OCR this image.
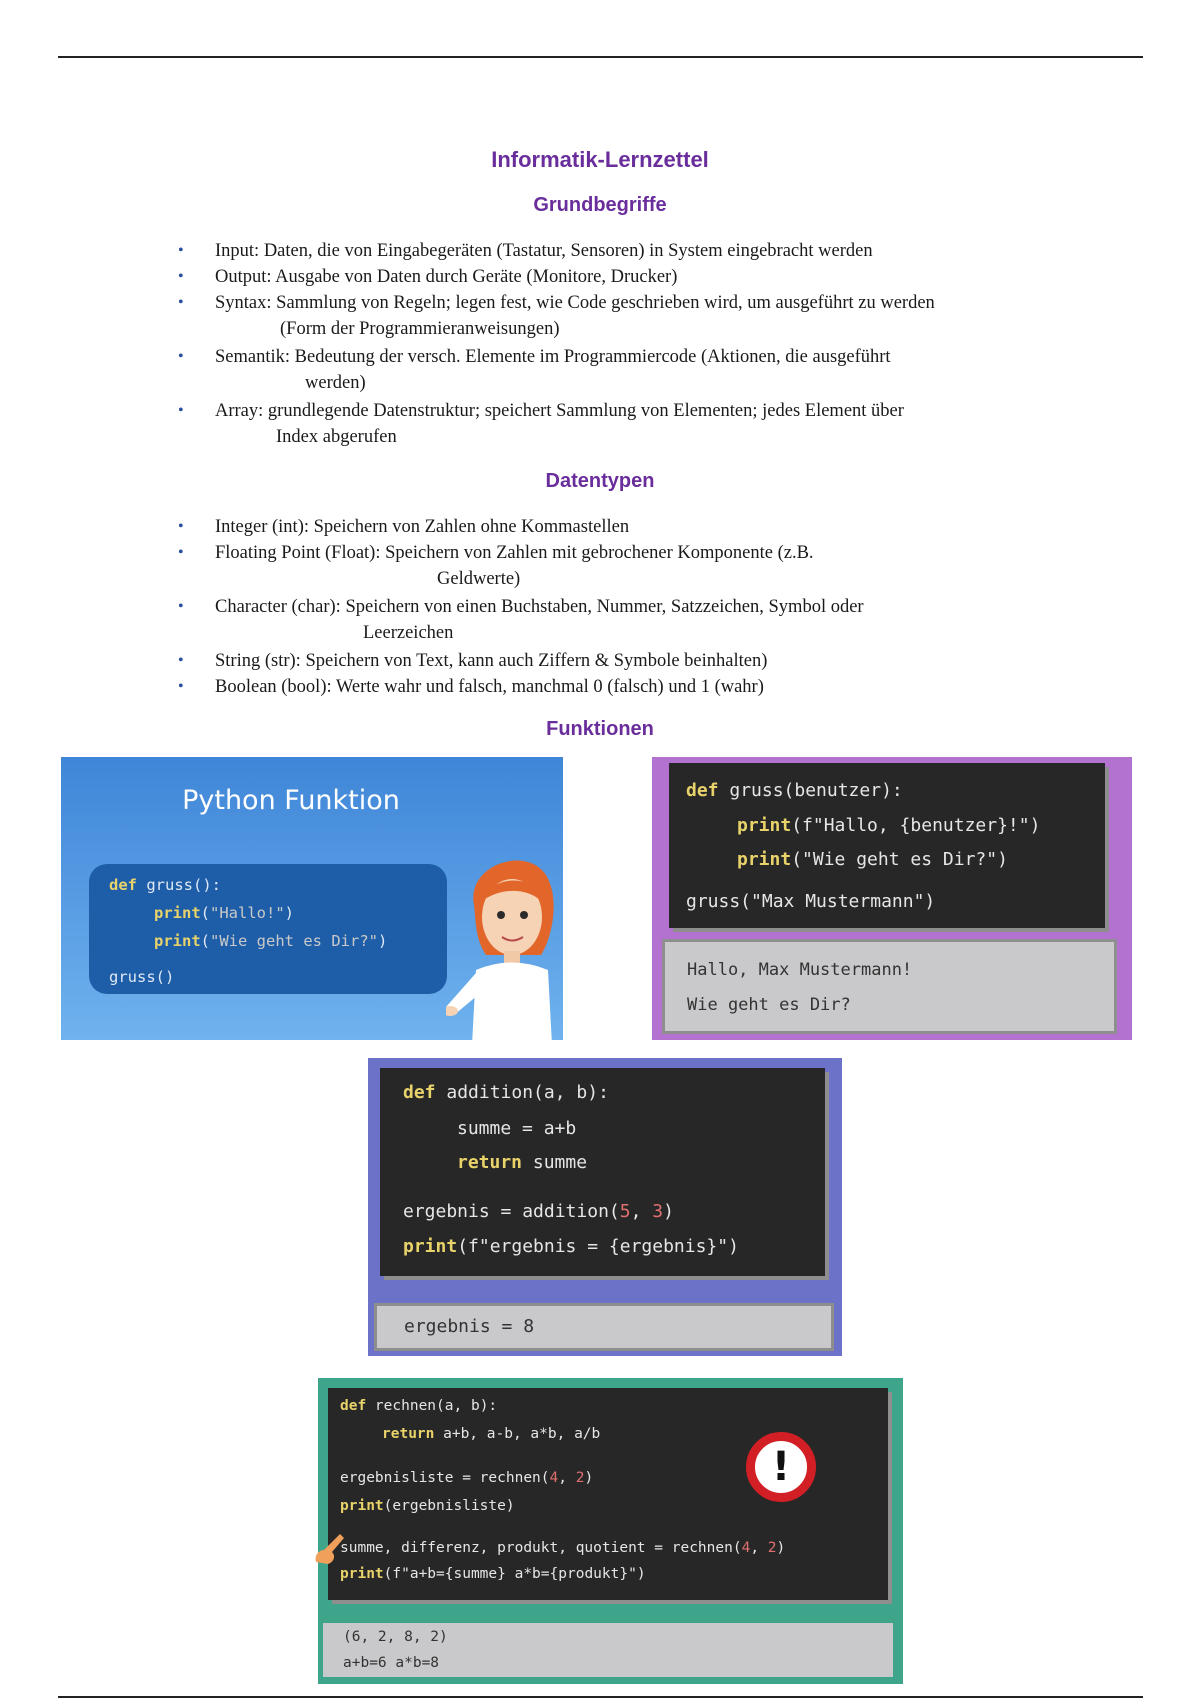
Informatik-Lernzettel
Grundbegriffe
• Input: Daten, die von Eingabegeräten (Tastatur, Sensoren) in System eingebracht werden
• Output: Ausgabe von Daten durch Geräte (Monitore, Drucker)
• Syntax: Sammlung von Regeln; legen fest, wie Code geschrieben wird, um ausgeführt zu werden
(Form der Programmieranweisungen)
• Semantik: Bedeutung der versch. Elemente im Programmiercode (Aktionen, die ausgeführt
werden)
• Array: grundlegende Datenstruktur; speichert Sammlung von Elementen; jedes Element über
Index abgerufen
Datentypen
• Integer (int): Speichern von Zahlen ohne Kommastellen
• Floating Point (Float): Speichern von Zahlen mit gebrochener Komponente (z.B.
Geldwerte)
• Character (char): Speichern von einen Buchstaben, Nummer, Satzzeichen, Symbol oder
Leerzeichen
• String (str): Speichern von Text, kann auch Ziffern & Symbole beinhalten)
• Boolean (bool): Werte wahr und falsch, manchmal 0 (falsch) und 1 (wahr)
Funktionen
Python Funktion
def gruss():
print("Hallo!")
print("Wie geht es Dir?")
gruss()
def gruss(benutzer):
print(f"Hallo, {benutzer}!")
print("Wie geht es Dir?")
gruss("Max Mustermann")
Hallo, Max Mustermann!
Wie geht es Dir?
def addition(a, b):
summe = a+b
return summe
ergebnis = addition(5, 3)
print(f"ergebnis = {ergebnis}")
ergebnis = 8
def rechnen(a, b):
return a+b, a-b, a*b, a/b
ergebnisliste = rechnen(4, 2)
print(ergebnisliste)
summe, differenz, produkt, quotient = rechnen(4, 2)
print(f"a+b={summe} a*b={produkt}")
!
(6, 2, 8, 2)
a+b=6 a*b=8
